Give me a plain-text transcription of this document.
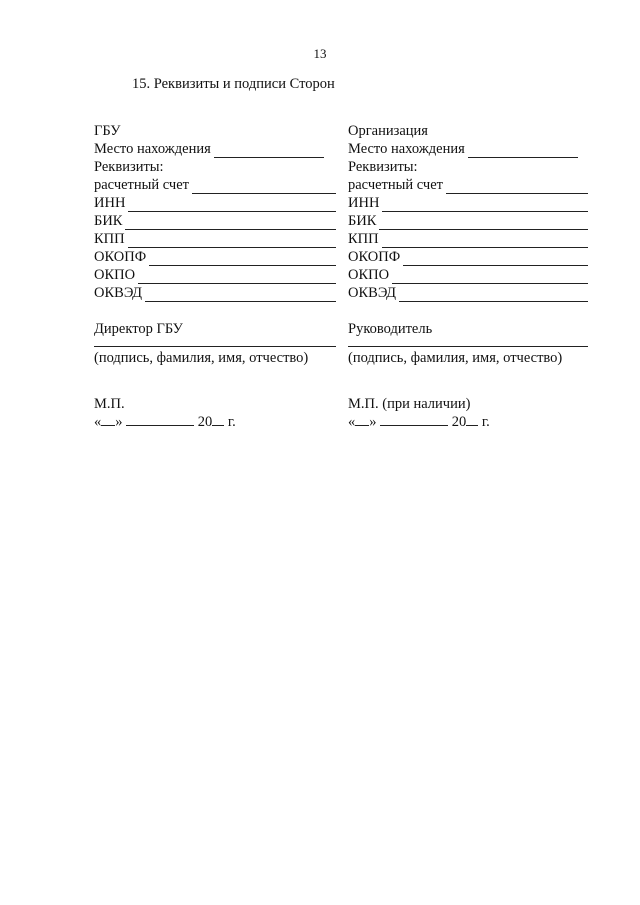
13
15. Реквизиты и подписи Сторон
ГБУ
Место нахождения
Реквизиты:
расчетный счет
ИНН
БИК
КПП
ОКОПФ
ОКПО
ОКВЭД
Директор ГБУ
(подпись, фамилия, имя, отчество)
М.П.
« »	20 г.
Организация
Место нахождения
Реквизиты:
расчетный счет
ИНН
БИК
КПП
ОКОПФ
ОКПО
ОКВЭД
Руководитель
(подпись, фамилия, имя, отчество)
М.П. (при наличии)
« »	20 г.
